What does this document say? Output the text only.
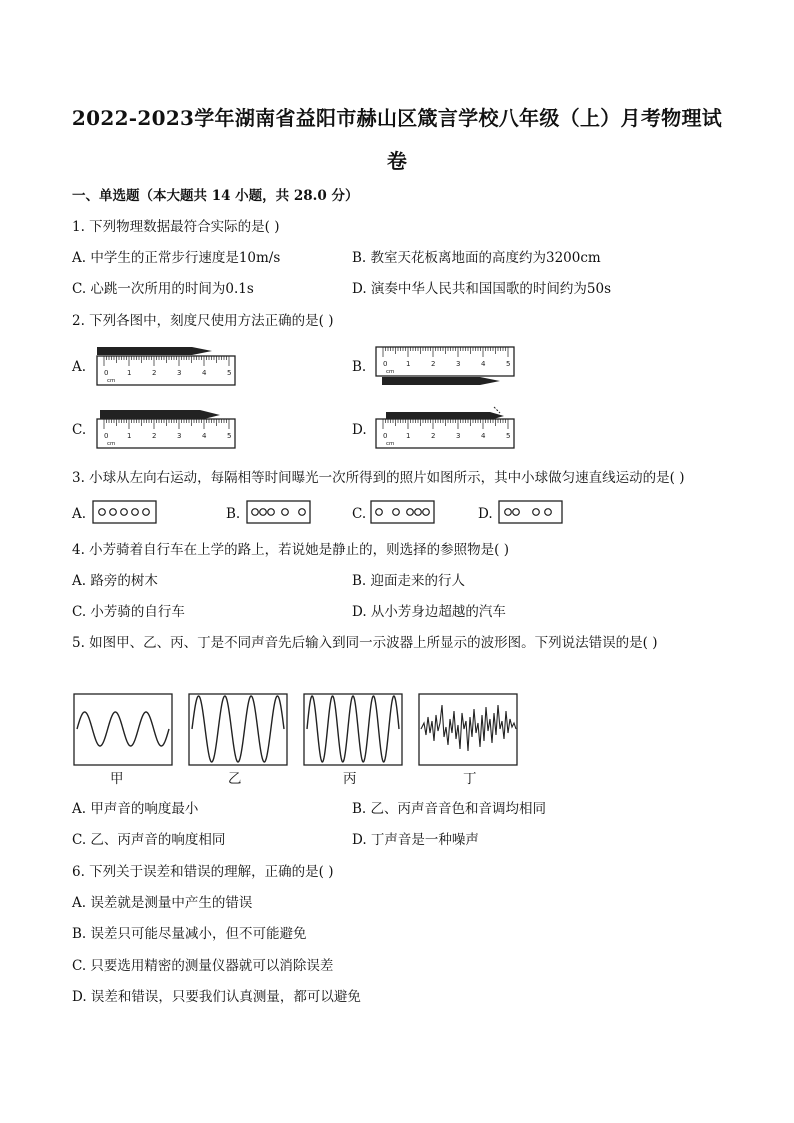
2022-2023学年湖南省益阳市赫山区箴言学校八年级（上）月考物理试
卷
一、单选题（本大题共 14 小题，共 28.0 分）
1. 下列物理数据最符合实际的是( )
A. 中学生的正常步行速度是10m/s	B. 教室天花板离地面的高度约为3200cm
C. 心跳一次所用的时间为0.1s	D. 演奏中华人民共和国国歌的时间约为50s
2. 下列各图中，刻度尺使用方法正确的是( )
A.	0	1	2	3	4	5
cm
B. 0	1	2	3	4	5
cm
C.	0	1	2	3	4	5
cm
D. 0	1	2	3	4	5
cm
3. 小球从左向右运动，每隔相等时间曝光一次所得到的照片如图所示，其中小球做匀速直线运动的是( )
A.	B.	C.	D.
4. 小芳骑着自行车在上学的路上，若说她是静止的，则选择的参照物是( )
A. 路旁的树木	B. 迎面走来的行人
C. 小芳骑的自行车	D. 从小芳身边超越的汽车
5. 如图甲、乙、丙、丁是不同声音先后输入到同一示波器上所显示的波形图。下列说法错误的是( )
甲	乙	丙	丁
A. 甲声音的响度最小	B. 乙、丙声音音色和音调均相同
C. 乙、丙声音的响度相同	D. 丁声音是一种噪声
6. 下列关于误差和错误的理解，正确的是( )
A. 误差就是测量中产生的错误
B. 误差只可能尽量减小，但不可能避免
C. 只要选用精密的测量仪器就可以消除误差
D. 误差和错误，只要我们认真测量，都可以避免
